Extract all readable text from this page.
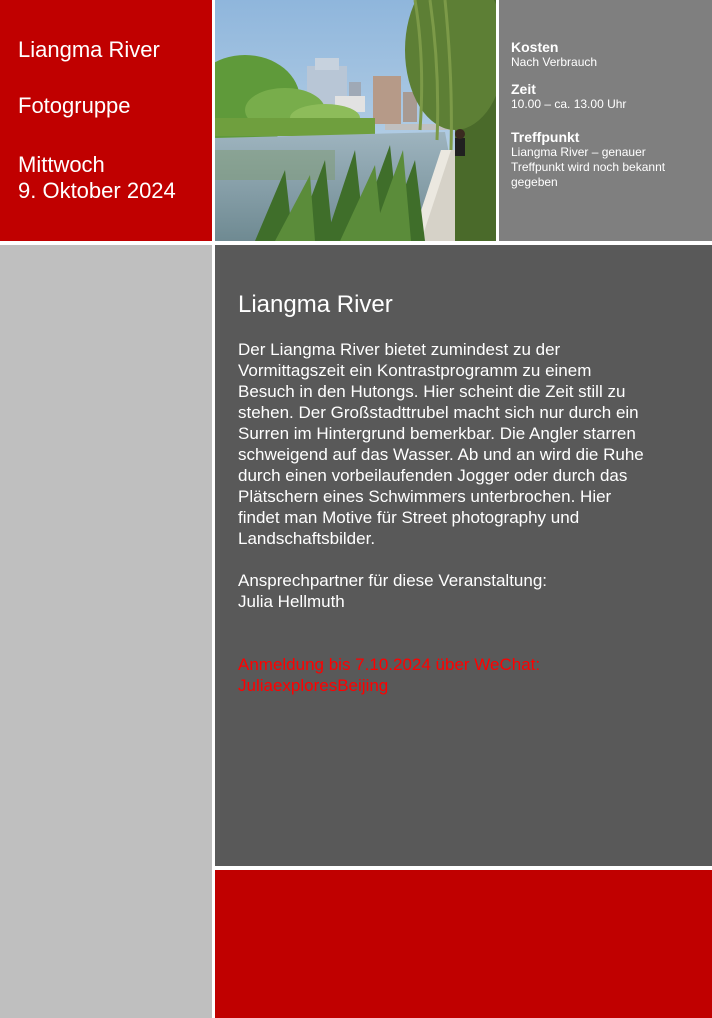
Liangma River

Fotogruppe

Mittwoch

9. Oktober 2024

Kosten

Nach Verbrauch

Zeit

10.00 – ca. 13.00 Uhr

Treffpunkt

Liangma River – genauer

Treffpunkt wird noch bekannt

gegeben

Liangma River
Der Liangma River bietet zumindest zu der
Vormittagszeit ein Kontrastprogramm zu einem
Besuch in den Hutongs. Hier scheint die Zeit still zu
stehen. Der Großstadttrubel macht sich nur durch ein
Surren im Hintergrund bemerkbar. Die Angler starren
schweigend auf das Wasser. Ab und an wird die Ruhe
durch einen vorbeilaufenden Jogger oder durch das
Plätschern eines Schwimmers unterbrochen. Hier
findet man Motive für Street photography und
Landschaftsbilder.

Ansprechpartner für diese Veranstaltung:

Julia Hellmuth

Anmeldung bis 7.10.2024 über WeChat:

JuliaexploresBeijing
